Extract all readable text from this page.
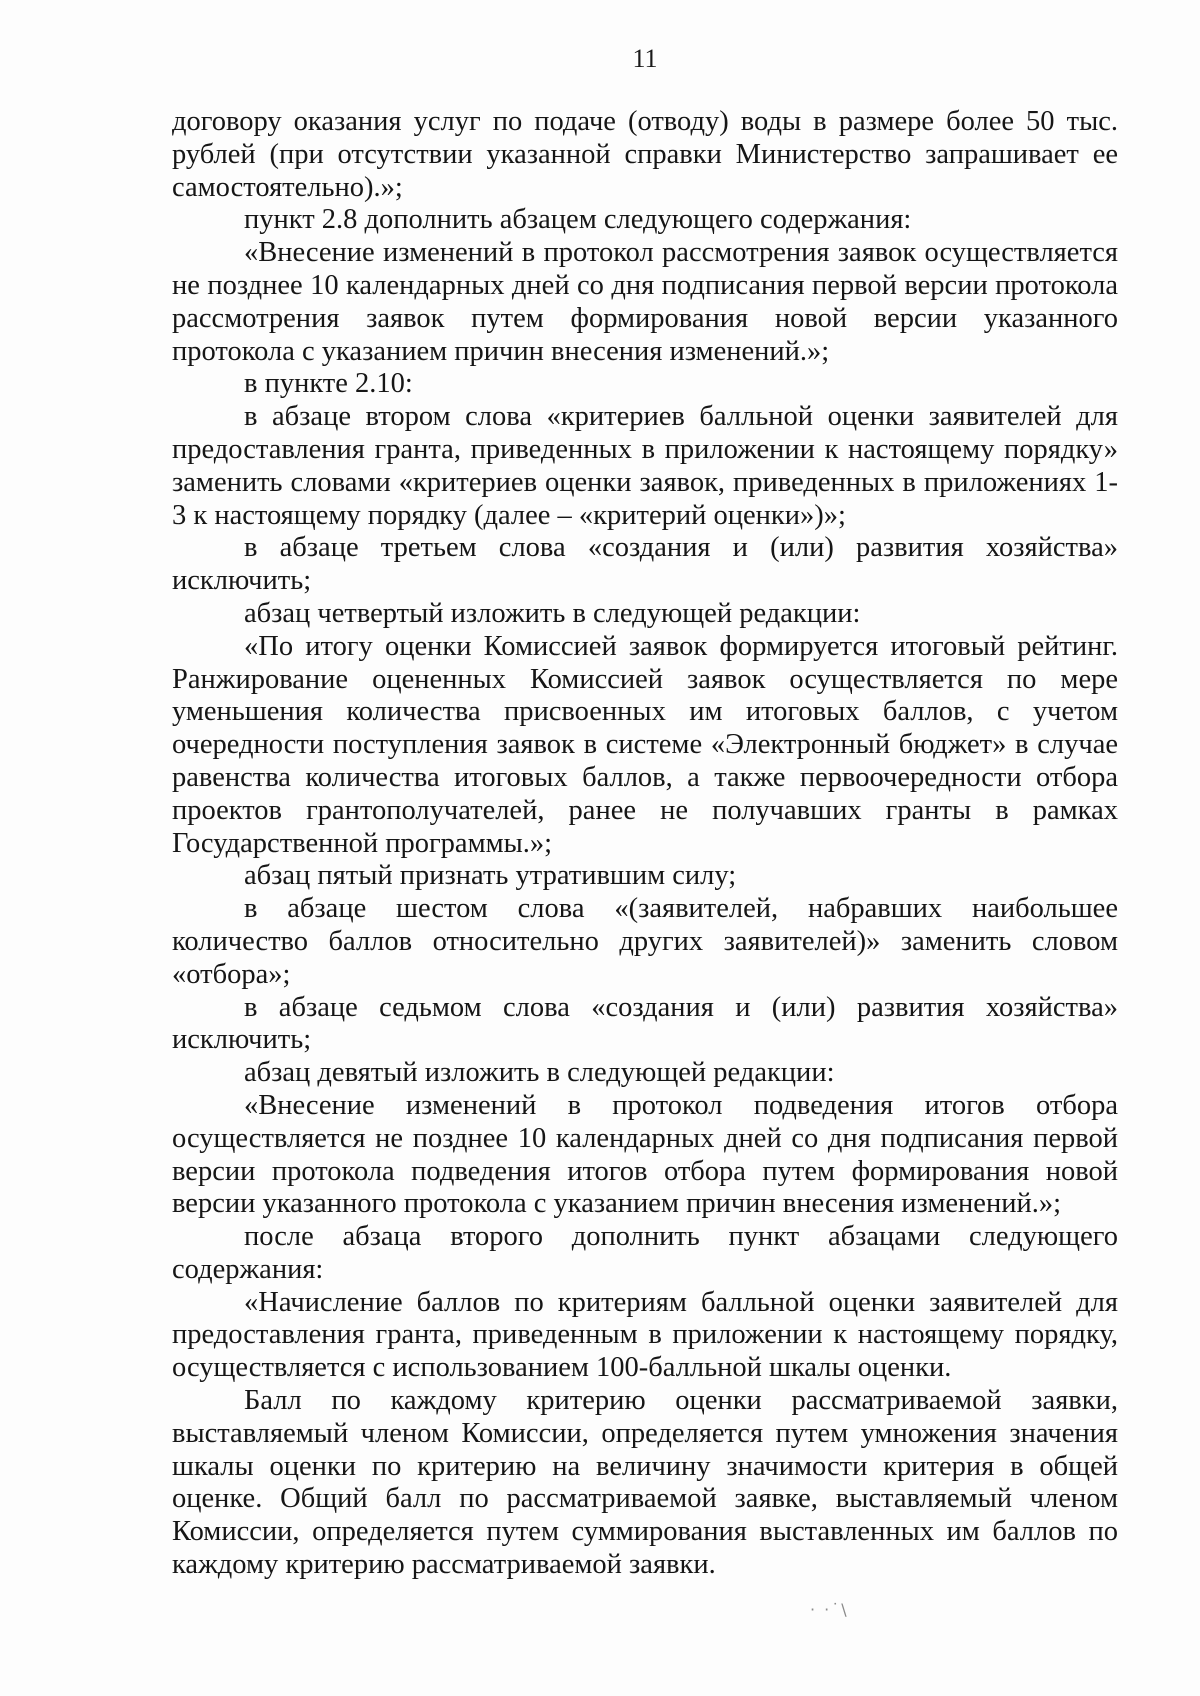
11

договору оказания услуг по подаче (отводу) воды в размере более 50 тыс. рублей (при отсутствии указанной справки Министерство запрашивает ее самостоятельно).»;

пункт 2.8 дополнить абзацем следующего содержания:

«Внесение изменений в протокол рассмотрения заявок осуществляется не позднее 10 календарных дней со дня подписания первой версии протокола рассмотрения заявок путем формирования новой версии указанного протокола с указанием причин внесения изменений.»;

в пункте 2.10:

в абзаце втором слова «критериев балльной оценки заявителей для предоставления гранта, приведенных в приложении к настоящему порядку» заменить словами «критериев оценки заявок, приведенных в приложениях 1-3 к настоящему порядку (далее – «критерий оценки»)»;

в абзаце третьем слова «создания и (или) развития хозяйства» исключить;

абзац четвертый изложить в следующей редакции:

«По итогу оценки Комиссией заявок формируется итоговый рейтинг. Ранжирование оцененных Комиссией заявок осуществляется по мере уменьшения количества присвоенных им итоговых баллов, с учетом очередности поступления заявок в системе «Электронный бюджет» в случае равенства количества итоговых баллов, а также первоочередности отбора проектов грантополучателей, ранее не получавших гранты в рамках Государственной программы.»;

абзац пятый признать утратившим силу;

в абзаце шестом слова «(заявителей, набравших наибольшее количество баллов относительно других заявителей)» заменить словом «отбора»;

в абзаце седьмом слова «создания и (или) развития хозяйства» исключить;

абзац девятый изложить в следующей редакции:

«Внесение изменений в протокол подведения итогов отбора осуществляется не позднее 10 календарных дней со дня подписания первой версии протокола подведения итогов отбора путем формирования новой версии указанного протокола с указанием причин внесения изменений.»;

после абзаца второго дополнить пункт абзацами следующего содержания:

«Начисление баллов по критериям балльной оценки заявителей для предоставления гранта, приведенным в приложении к настоящему порядку, осуществляется с использованием 100-балльной шкалы оценки.

Балл по каждому критерию оценки рассматриваемой заявки, выставляемый членом Комиссии, определяется путем умножения значения шкалы оценки по критерию на величину значимости критерия в общей оценке. Общий балл по рассматриваемой заявке, выставляемый членом Комиссии, определяется путем суммирования выставленных им баллов по каждому критерию рассматриваемой заявки.

· ·˙\
